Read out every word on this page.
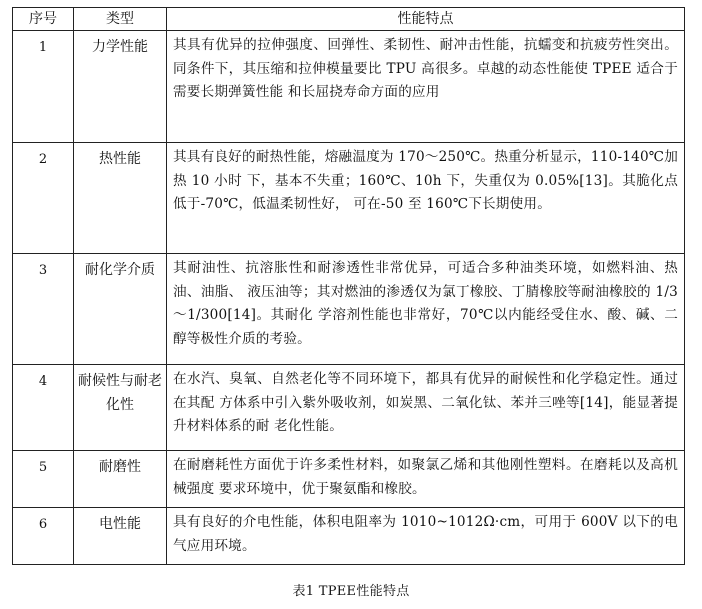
序号	类型	性能特点
1	力学性能	其具有优异的拉伸强度、回弹性、柔韧性、耐冲击性能，抗蠕变和抗疲劳性突出。同条件下，其压缩和拉伸模量要比 TPU 高很多。卓越的动态性能使 TPEE 适合于需要长期弹簧性能 和长屈挠寿命方面的应用
2	热性能	其具有良好的耐热性能，熔融温度为 170～250℃。热重分析显示，110-140℃加热 10 小时 下，基本不失重；160℃、10h 下，失重仅为 0.05%[13]。其脆化点低于-70℃，低温柔韧性好， 可在-50 至 160℃下长期使用。
3	耐化学介质	其耐油性、抗溶胀性和耐渗透性非常优异，可适合多种油类环境，如燃料油、热油、油脂、 液压油等；其对燃油的渗透仅为氯丁橡胶、丁腈橡胶等耐油橡胶的 1/3～1/300[14]。其耐化 学溶剂性能也非常好，70℃以内能经受住水、酸、碱、二醇等极性介质的考验。
4	耐候性与耐老化性	在水汽、臭氧、自然老化等不同环境下，都具有优异的耐候性和化学稳定性。通过在其配 方体系中引入紫外吸收剂，如炭黑、二氧化钛、苯并三唑等[14]，能显著提升材料体系的耐 老化性能。
5	耐磨性	在耐磨耗性方面优于许多柔性材料，如聚氯乙烯和其他刚性塑料。在磨耗以及高机械强度 要求环境中，优于聚氨酯和橡胶。
6	电性能	具有良好的介电性能，体积电阻率为 1010~1012Ω·cm，可用于 600V 以下的电气应用环境。
表1 TPEE性能特点
